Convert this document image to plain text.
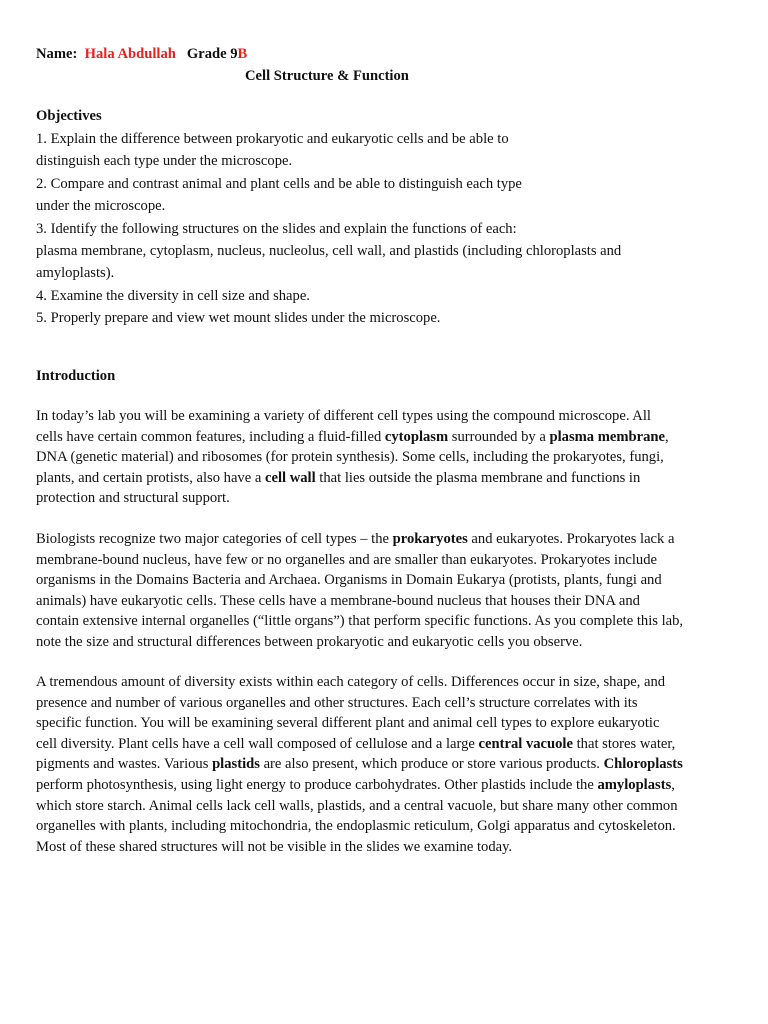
Name: Hala Abdullah Grade 9B
Cell Structure & Function
Objectives
1. Explain the difference between prokaryotic and eukaryotic cells and be able to
distinguish each type under the microscope.
2. Compare and contrast animal and plant cells and be able to distinguish each type
under the microscope.
3. Identify the following structures on the slides and explain the functions of each:
plasma membrane, cytoplasm, nucleus, nucleolus, cell wall, and plastids (including chloroplasts and
amyloplasts).
4. Examine the diversity in cell size and shape.
5. Properly prepare and view wet mount slides under the microscope.
Introduction
In today’s lab you will be examining a variety of different cell types using the compound microscope. All
cells have certain common features, including a fluid-filled cytoplasm surrounded by a plasma membrane,
DNA (genetic material) and ribosomes (for protein synthesis). Some cells, including the prokaryotes, fungi,
plants, and certain protists, also have a cell wall that lies outside the plasma membrane and functions in
protection and structural support.
Biologists recognize two major categories of cell types – the prokaryotes and eukaryotes. Prokaryotes lack a
membrane-bound nucleus, have few or no organelles and are smaller than eukaryotes. Prokaryotes include
organisms in the Domains Bacteria and Archaea. Organisms in Domain Eukarya (protists, plants, fungi and
animals) have eukaryotic cells. These cells have a membrane-bound nucleus that houses their DNA and
contain extensive internal organelles (“little organs”) that perform specific functions. As you complete this lab,
note the size and structural differences between prokaryotic and eukaryotic cells you observe.
A tremendous amount of diversity exists within each category of cells. Differences occur in size, shape, and
presence and number of various organelles and other structures. Each cell’s structure correlates with its
specific function. You will be examining several different plant and animal cell types to explore eukaryotic
cell diversity. Plant cells have a cell wall composed of cellulose and a large central vacuole that stores water,
pigments and wastes. Various plastids are also present, which produce or store various products. Chloroplasts
perform photosynthesis, using light energy to produce carbohydrates. Other plastids include the amyloplasts,
which store starch. Animal cells lack cell walls, plastids, and a central vacuole, but share many other common
organelles with plants, including mitochondria, the endoplasmic reticulum, Golgi apparatus and cytoskeleton.
Most of these shared structures will not be visible in the slides we examine today.
